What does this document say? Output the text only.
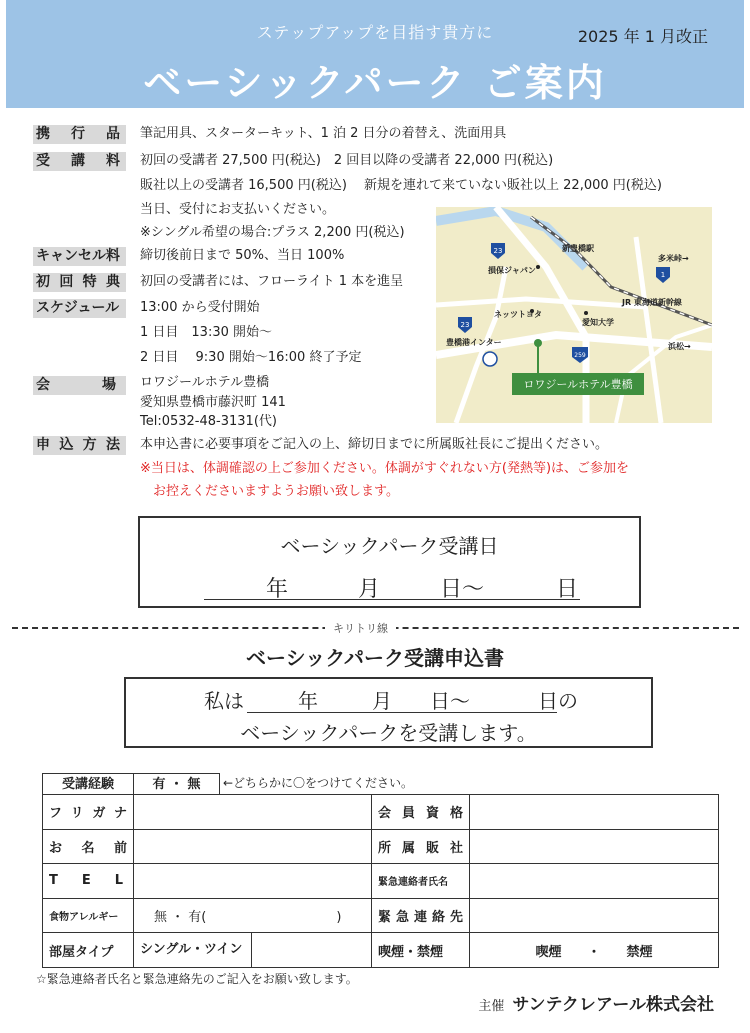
ステップアップを目指す貴方に	2025 年 1 月改正
ベーシックパーク ご案内
携 行 品 筆記用具、スターターキット、1 泊 2 日分の着替え、洗面用具
受 講 料 初回の受講者 27,500 円(税込)　2 回目以降の受講者 22,000 円(税込)
販社以上の受講者 16,500 円(税込)　 新規を連れて来ていない販社以上 22,000 円(税込)
当日、受付にお支払いください。
※シングル希望の場合:プラス 2,200 円(税込)
キャンセル料	締切後前日まで 50%、当日 100%
初 回 特 典 初回の受講者には、フローライト 1 本を進呈
スケジュール	13:00 から受付開始
1 日目　13:30 開始～
2 日目　 9:30 開始～16:00 終了予定
会	場 ロワジールホテル豊橋
愛知県豊橋市藤沢町 141
Tel:0532-48-3131(代)
申 込 方 法 本申込書に必要事項をご記入の上、締切日までに所属販社長にご提出ください。
※当日は、体調確認の上ご参加ください。体調がすぐれない方(発熱等)は、ご参加を
　お控えくださいますようお願い致します。
23
23
1
259
ロワジールホテル豊橋
新豊橋駅
多米峠→
損保ジャパン
JR 東海道新幹線
ネッツトヨタ
愛知大学
豊橋港インター	浜松→
ベーシックパーク受講日
年	月	日～	日
キリトリ線
ベーシックパーク受講申込書
私は	年	月 日～	日の
ベーシックパークを受講します。
受講経験	有 ・ 無	←どちらかに〇をつけてください。
フ リ ガ ナ		会 員 資 格	

お 名 前		所 属 販 社	

T E L		緊急連絡者氏名	
食物アレルギー	無 ・ 有(　　　　　　　　　　)	緊 急 連 絡 先	

部屋タイプ	シングル・ツイン	喫煙・禁煙	喫煙　　・　　禁煙
☆緊急連絡者氏名と緊急連絡先のご記入をお願い致します。
主催 サンテクレアール株式会社
